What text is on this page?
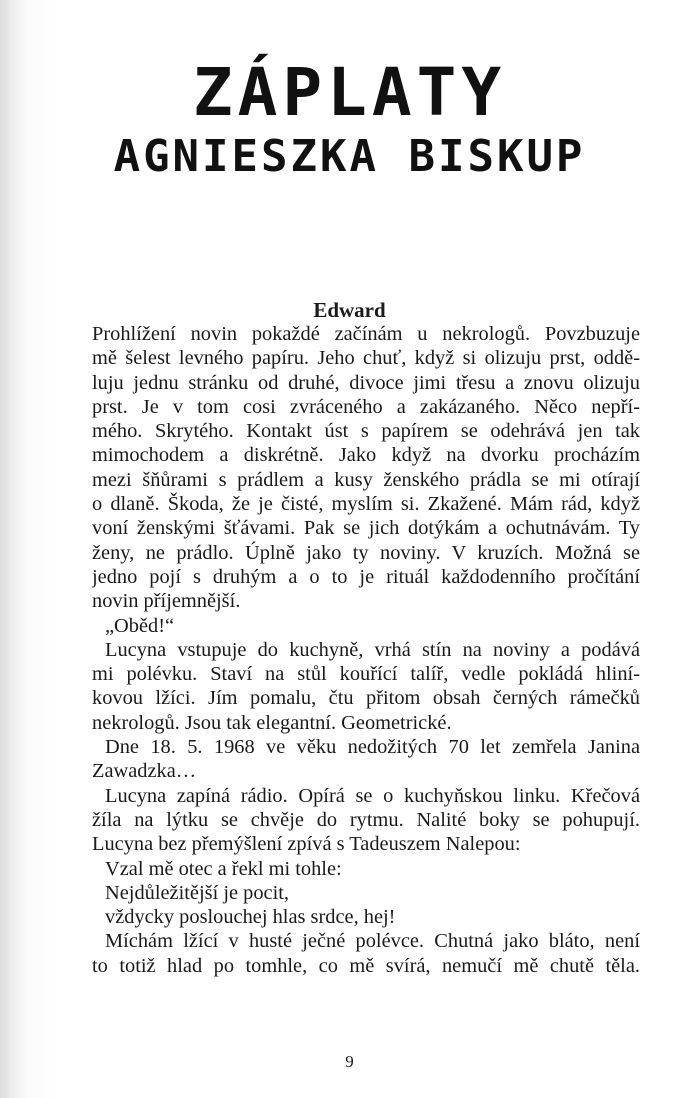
ZÁPLATY
AGNIESZKA BISKUP
Edward
Prohlížení novin pokaždé začínám u nekrologů. Povzbuzuje
mě šelest levného papíru. Jeho chuť, když si olizuju prst, oddě-
luju jednu stránku od druhé, divoce jimi třesu a znovu olizuju
prst. Je v tom cosi zvráceného a zakázaného. Něco nepří-
mého. Skrytého. Kontakt úst s papírem se odehrává jen tak
mimochodem a diskrétně. Jako když na dvorku procházím
mezi šňůrami s prádlem a kusy ženského prádla se mi otírají
o dlaně. Škoda, že je čisté, myslím si. Zkažené. Mám rád, když
voní ženskými šťávami. Pak se jich dotýkám a ochutnávám. Ty
ženy, ne prádlo. Úplně jako ty noviny. V kruzích. Možná se
jedno pojí s druhým a o to je rituál každodenního pročítání
novin příjemnější.
„Oběd!“
Lucyna vstupuje do kuchyně, vrhá stín na noviny a podává
mi polévku. Staví na stůl kouřící talíř, vedle pokládá hliní-
kovou lžíci. Jím pomalu, čtu přitom obsah černých rámečků
nekrologů. Jsou tak elegantní. Geometrické.
Dne 18. 5. 1968 ve věku nedožitých 70 let zemřela Janina
Zawadzka…
Lucyna zapíná rádio. Opírá se o kuchyňskou linku. Křečová
žíla na lýtku se chvěje do rytmu. Nalité boky se pohupují.
Lucyna bez přemýšlení zpívá s Tadeuszem Nalepou:
Vzal mě otec a řekl mi tohle:
Nejdůležitější je pocit,
vždycky poslouchej hlas srdce, hej!
Míchám lžící v husté ječné polévce. Chutná jako bláto, není
to totiž hlad po tomhle, co mě svírá, nemučí mě chutě těla.
9
